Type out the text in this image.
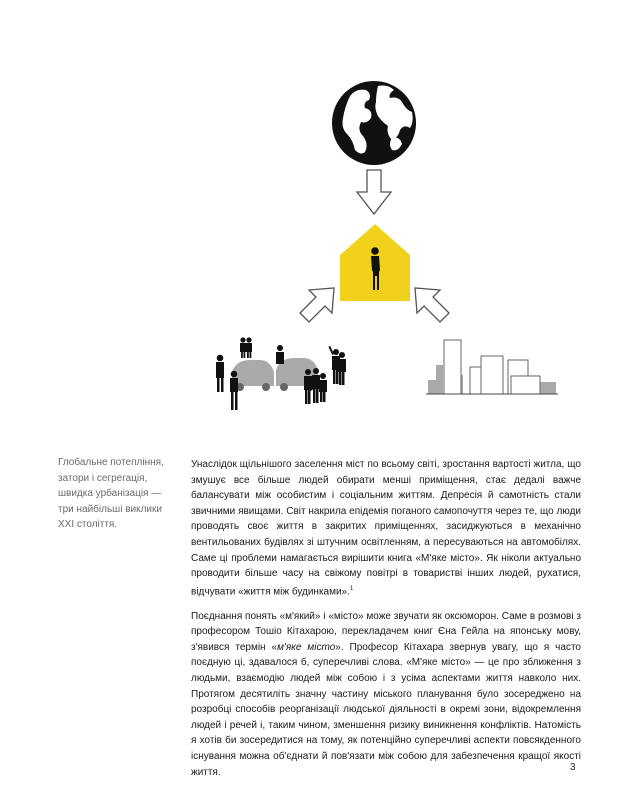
Глобальне потепління,
затори і сегрегація,
швидка урбанізація —
три найбільші виклики
XXI століття.

Унаслідок щільнішого заселення міст по всьому світі, зростання вартості житла, що змушує все більше людей обирати менші приміщення, стає дедалі важче балансувати між особистим і соціальним життям. Депресія й самотність стали звичними явищами. Світ накрила епідемія поганого самопочуття через те, що люди проводять своє життя в закритих приміщеннях, засиджуються в механічно вентильованих будівлях зі штучним освітленням, а пересуваються на автомобілях. Саме ці проблеми намагається вирішити книга «М'яке місто». Як ніколи актуально проводити більше часу на свіжому повітрі в товаристві інших людей, рухатися, відчувати «життя між будинками».$^1$

Поєднання понять «м'який» і «місто» може звучати як оксюморон. Саме в розмові з професором Тошіо Кітахарою, перекладачем книг Єна Гейла на японську мову, з'явився термін «м'яке місто». Професор Кітахара звернув увагу, що я часто поєдную ці, здавалося б, суперечливі слова. «М'яке місто» — це про зближення з людьми, взаємодію людей між собою і з усіма аспектами життя навколо них. Протягом десятиліть значну частину міського планування було зосереджено на розробці способів реорганізації людської діяльності в окремі зони, відокремлення людей і речей і, таким чином, зменшення ризику виникнення конфліктів. Натомість я хотів би зосередитися на тому, як потенційно суперечливі аспекти повсякденного існування можна об'єднати й пов'язати між собою для забезпечення кращої якості життя.	3
